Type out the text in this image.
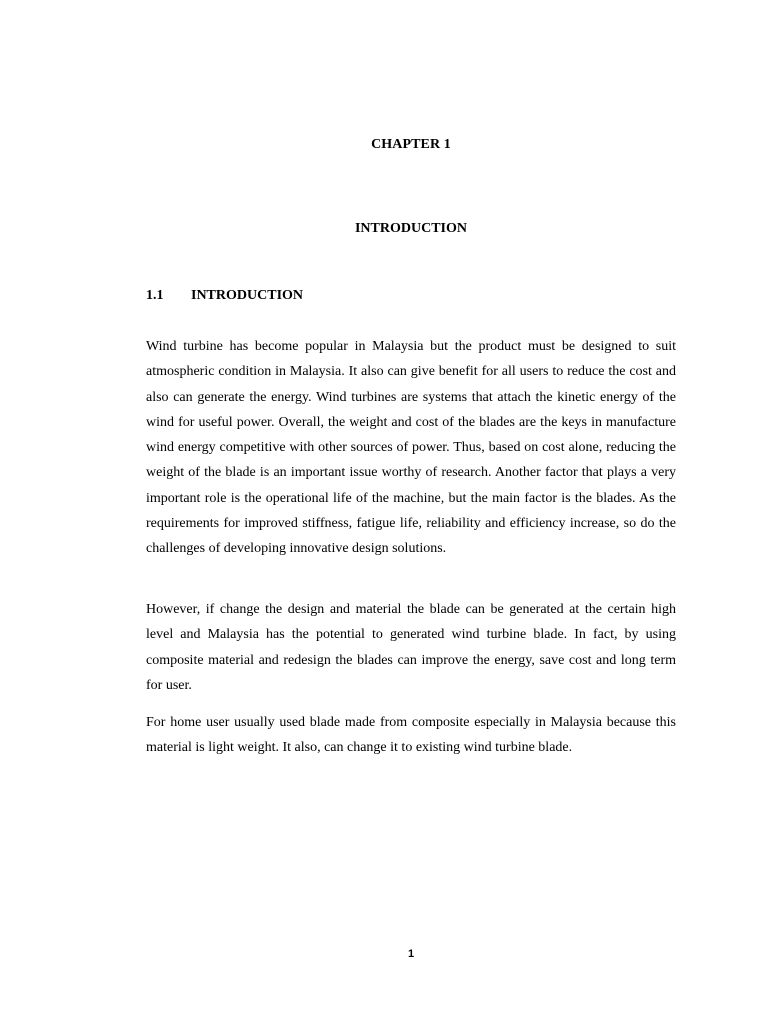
CHAPTER 1
INTRODUCTION
1.1 INTRODUCTION

Wind turbine has become popular in Malaysia but the product must be designed to suit atmospheric condition in Malaysia. It also can give benefit for all users to reduce the cost and also can generate the energy. Wind turbines are systems that attach the kinetic energy of the wind for useful power. Overall, the weight and cost of the blades are the keys in manufacture wind energy competitive with other sources of power. Thus, based on cost alone, reducing the weight of the blade is an important issue worthy of research. Another factor that plays a very important role is the operational life of the machine, but the main factor is the blades. As the requirements for improved stiffness, fatigue life, reliability and efficiency increase, so do the challenges of developing innovative design solutions.

However, if change the design and material the blade can be generated at the certain high level and Malaysia has the potential to generated wind turbine blade. In fact, by using composite material and redesign the blades can improve the energy, save cost and long term for user.

For home user usually used blade made from composite especially in Malaysia because this material is light weight. It also, can change it to existing wind turbine blade.

1
